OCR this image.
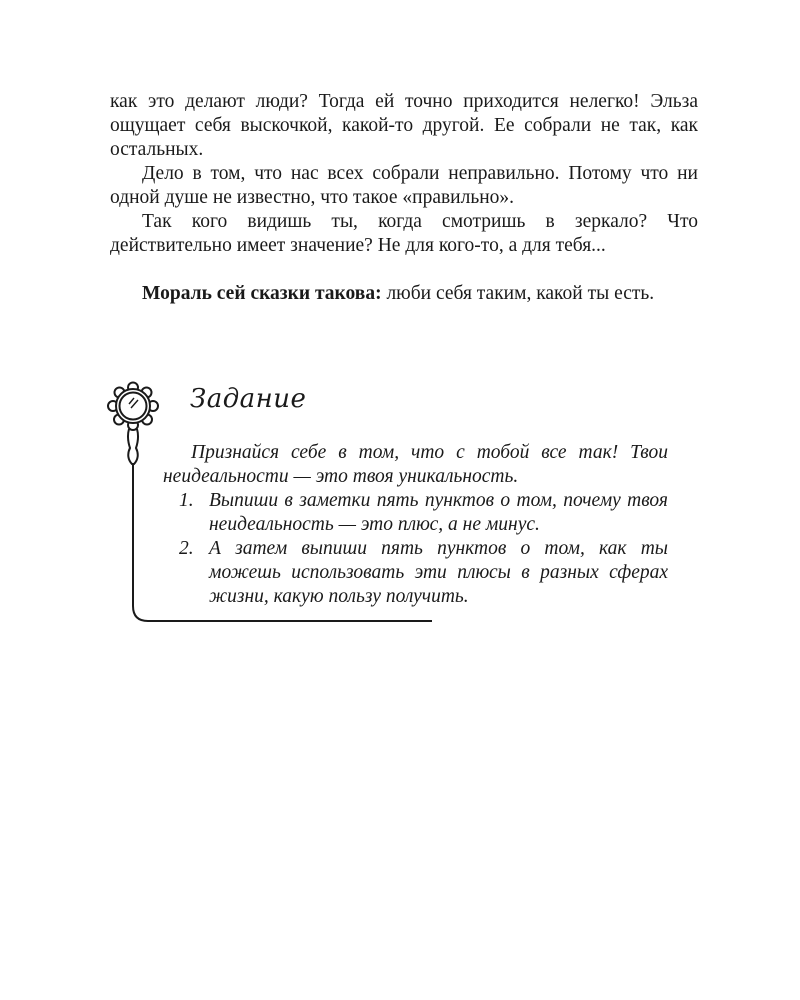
как это делают люди? Тогда ей точно приходится нелегко! Эльза ощущает себя выскочкой, какой-то другой. Ее собрали не так, как остальных.

Дело в том, что нас всех собрали неправильно. Потому что ни одной душе не известно, что такое «правильно».

Так кого видишь ты, когда смотришь в зеркало? Что действительно имеет значение? Не для кого-то, а для тебя...

Мораль сей сказки такова: люби себя таким, какой ты есть.

Задание

Признайся себе в том, что с тобой все так! Твои неидеальности — это твоя уникальность.

1. Выпиши в заметки пять пунктов о том, почему твоя неидеальность — это плюс, а не минус.
2. А затем выпиши пять пунктов о том, как ты можешь использовать эти плюсы в разных сферах жизни, какую пользу получить.
